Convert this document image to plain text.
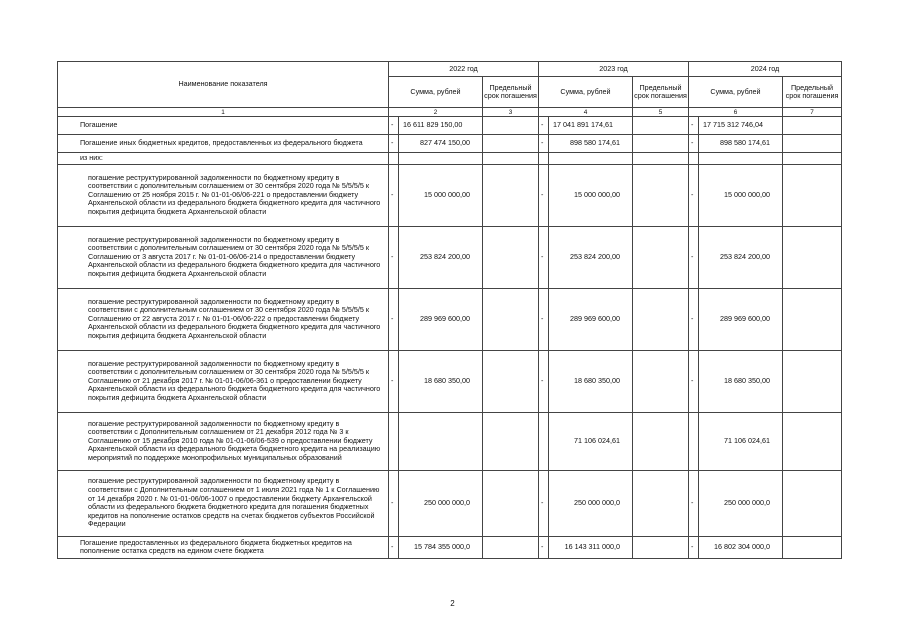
Наименование показателя	2022 год			2023 год			2024 год		
	Сумма, рублей		Предельный срок погашения	Сумма, рублей		Предельный срок погашения	Сумма, рублей		Предельный срок погашения
1	2		3	4		5	6		7
Погашение	-	16 611 829 150,00		-	17 041 891 174,61		-	17 715 312 746,04	
Погашение иных бюджетных кредитов, предоставленных из федерального бюджета	-	827 474 150,00		-	898 580 174,61		-	898 580 174,61	
из них:									
погашение реструктурированной задолженности по бюджетному кредиту в соответствии с дополнительным соглашением от 30 сентября 2020 года № 5/5/5/5 к Соглашению от 25 ноября 2015 г. № 01-01-06/06-221 о предоставлении бюджету Архангельской области из федерального бюджета бюджетного кредита для частичного покрытия дефицита бюджета Архангельской области	-	15 000 000,00		-	15 000 000,00		-	15 000 000,00	
погашение реструктурированной задолженности по бюджетному кредиту в соответствии с дополнительным соглашением от 30 сентября 2020 года № 5/5/5/5 к Соглашению от 3 августа 2017 г. № 01-01-06/06-214 о предоставлении бюджету Архангельской области из федерального бюджета бюджетного кредита для частичного покрытия дефицита бюджета Архангельской области	-	253 824 200,00		-	253 824 200,00		-	253 824 200,00	
погашение реструктурированной задолженности по бюджетному кредиту в соответствии с дополнительным соглашением от 30 сентября 2020 года № 5/5/5/5 к Соглашению от 22 августа 2017 г. № 01-01-06/06-222 о предоставлении бюджету Архангельской области из федерального бюджета бюджетного кредита для частичного покрытия дефицита бюджета Архангельской области	-	289 969 600,00		-	289 969 600,00		-	289 969 600,00	
погашение реструктурированной задолженности по бюджетному кредиту в соответствии с дополнительным соглашением от 30 сентября 2020 года № 5/5/5/5 к Соглашению от 21 декабря 2017 г. № 01-01-06/06-361 о предоставлении бюджету Архангельской области из федерального бюджета бюджетного кредита для частичного покрытия дефицита бюджета Архангельской области	-	18 680 350,00		-	18 680 350,00		-	18 680 350,00	
погашение реструктурированной задолженности по бюджетному кредиту в соответствии с Дополнительным соглашением от 21 декабря 2012 года № 3 к Соглашению от 15 декабря 2010 года № 01-01-06/06-539 о предоставлении бюджету Архангельской области из федерального бюджета бюджетного кредита на реализацию мероприятий по поддержке монопрофильных муниципальных образований					71 106 024,61			71 106 024,61	
погашение реструктурированной задолженности по бюджетному кредиту в соответствии с Дополнительным соглашением от 1 июля 2021 года № 1 к Соглашению от 14 декабря 2020 г. № 01-01-06/06-1007 о предоставлении бюджету Архангельской области из федерального бюджета бюджетного кредита для погашения бюджетных кредитов на пополнение остатков средств на счетах бюджетов субъектов Российской Федерации	-	250 000 000,0		-	250 000 000,0		-	250 000 000,0	
Погашение предоставленных из федерального бюджета бюджетных кредитов на пополнение остатка средств на едином счете бюджета	-	15 784 355 000,0		-	16 143 311 000,0		-	16 802 304 000,0	
2
